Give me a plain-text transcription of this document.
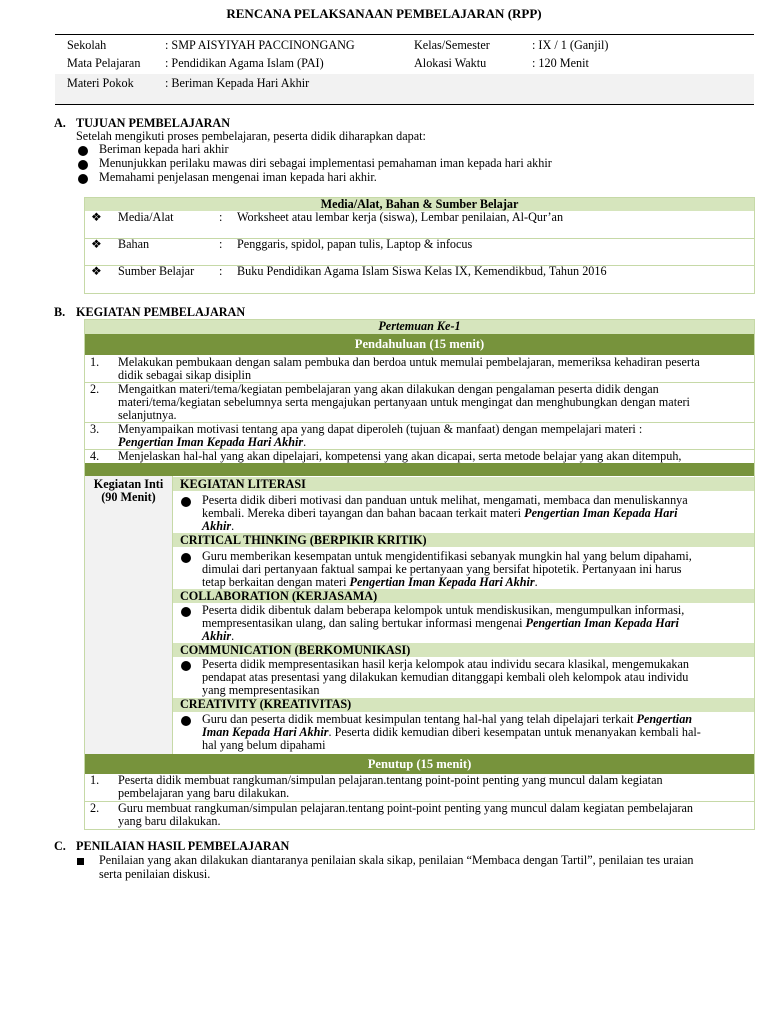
RENCANA PELAKSANAAN PEMBELAJARAN (RPP)
Sekolah	: SMP AISYIYAH PACCINONGANG	Kelas/Semester	: IX / 1 (Ganjil)
Mata Pelajaran : Pendidikan Agama Islam (PAI)	Alokasi Waktu	: 120 Menit
Materi Pokok	: Beriman Kepada Hari Akhir
A. TUJUAN PEMBELAJARAN
Setelah mengikuti proses pembelajaran, peserta didik diharapkan dapat:
Beriman kepada hari akhir
Menunjukkan perilaku mawas diri sebagai implementasi pemahaman iman kepada hari akhir
Memahami penjelasan mengenai iman kepada hari akhir.
Media/Alat, Bahan & Sumber Belajar
❖ Media/Alat	: Worksheet atau lembar kerja (siswa), Lembar penilaian, Al-Qur’an
❖ Bahan	: Penggaris, spidol, papan tulis, Laptop & infocus
❖ Sumber Belajar : Buku Pendidikan Agama Islam Siswa Kelas IX, Kemendikbud, Tahun 2016
B. KEGIATAN PEMBELAJARAN
Pertemuan Ke-1
Pendahuluan (15 menit)
1. Melakukan pembukaan dengan salam pembuka dan berdoa untuk memulai pembelajaran, memeriksa kehadiran peserta
didik sebagai sikap disiplin
2. Mengaitkan materi/tema/kegiatan pembelajaran yang akan dilakukan dengan pengalaman peserta didik dengan
materi/tema/kegiatan sebelumnya serta mengajukan pertanyaan untuk mengingat dan menghubungkan dengan materi
selanjutnya.
3. Menyampaikan motivasi tentang apa yang dapat diperoleh (tujuan & manfaat) dengan mempelajari materi :
Pengertian Iman Kepada Hari Akhir.
4. Menjelaskan hal-hal yang akan dipelajari, kompetensi yang akan dicapai, serta metode belajar yang akan ditempuh,
Kegiatan Inti
(90 Menit)
KEGIATAN LITERASI
Peserta didik diberi motivasi dan panduan untuk melihat, mengamati, membaca dan menuliskannya
kembali. Mereka diberi tayangan dan bahan bacaan terkait materi Pengertian Iman Kepada Hari
Akhir.
CRITICAL THINKING (BERPIKIR KRITIK)
Guru memberikan kesempatan untuk mengidentifikasi sebanyak mungkin hal yang belum dipahami,
dimulai dari pertanyaan faktual sampai ke pertanyaan yang bersifat hipotetik. Pertanyaan ini harus
tetap berkaitan dengan materi Pengertian Iman Kepada Hari Akhir.
COLLABORATION (KERJASAMA)
Peserta didik dibentuk dalam beberapa kelompok untuk mendiskusikan, mengumpulkan informasi,
mempresentasikan ulang, dan saling bertukar informasi mengenai Pengertian Iman Kepada Hari
Akhir.
COMMUNICATION (BERKOMUNIKASI)
Peserta didik mempresentasikan hasil kerja kelompok atau individu secara klasikal, mengemukakan
pendapat atas presentasi yang dilakukan kemudian ditanggapi kembali oleh kelompok atau individu
yang mempresentasikan
CREATIVITY (KREATIVITAS)
Guru dan peserta didik membuat kesimpulan tentang hal-hal yang telah dipelajari terkait Pengertian
Iman Kepada Hari Akhir. Peserta didik kemudian diberi kesempatan untuk menanyakan kembali hal-
hal yang belum dipahami
Penutup (15 menit)
1. Peserta didik membuat rangkuman/simpulan pelajaran.tentang point-point penting yang muncul dalam kegiatan
pembelajaran yang baru dilakukan.
2. Guru membuat rangkuman/simpulan pelajaran.tentang point-point penting yang muncul dalam kegiatan pembelajaran
yang baru dilakukan.
C. PENILAIAN HASIL PEMBELAJARAN
Penilaian yang akan dilakukan diantaranya penilaian skala sikap, penilaian “Membaca dengan Tartil”, penilaian tes uraian
serta penilaian diskusi.
